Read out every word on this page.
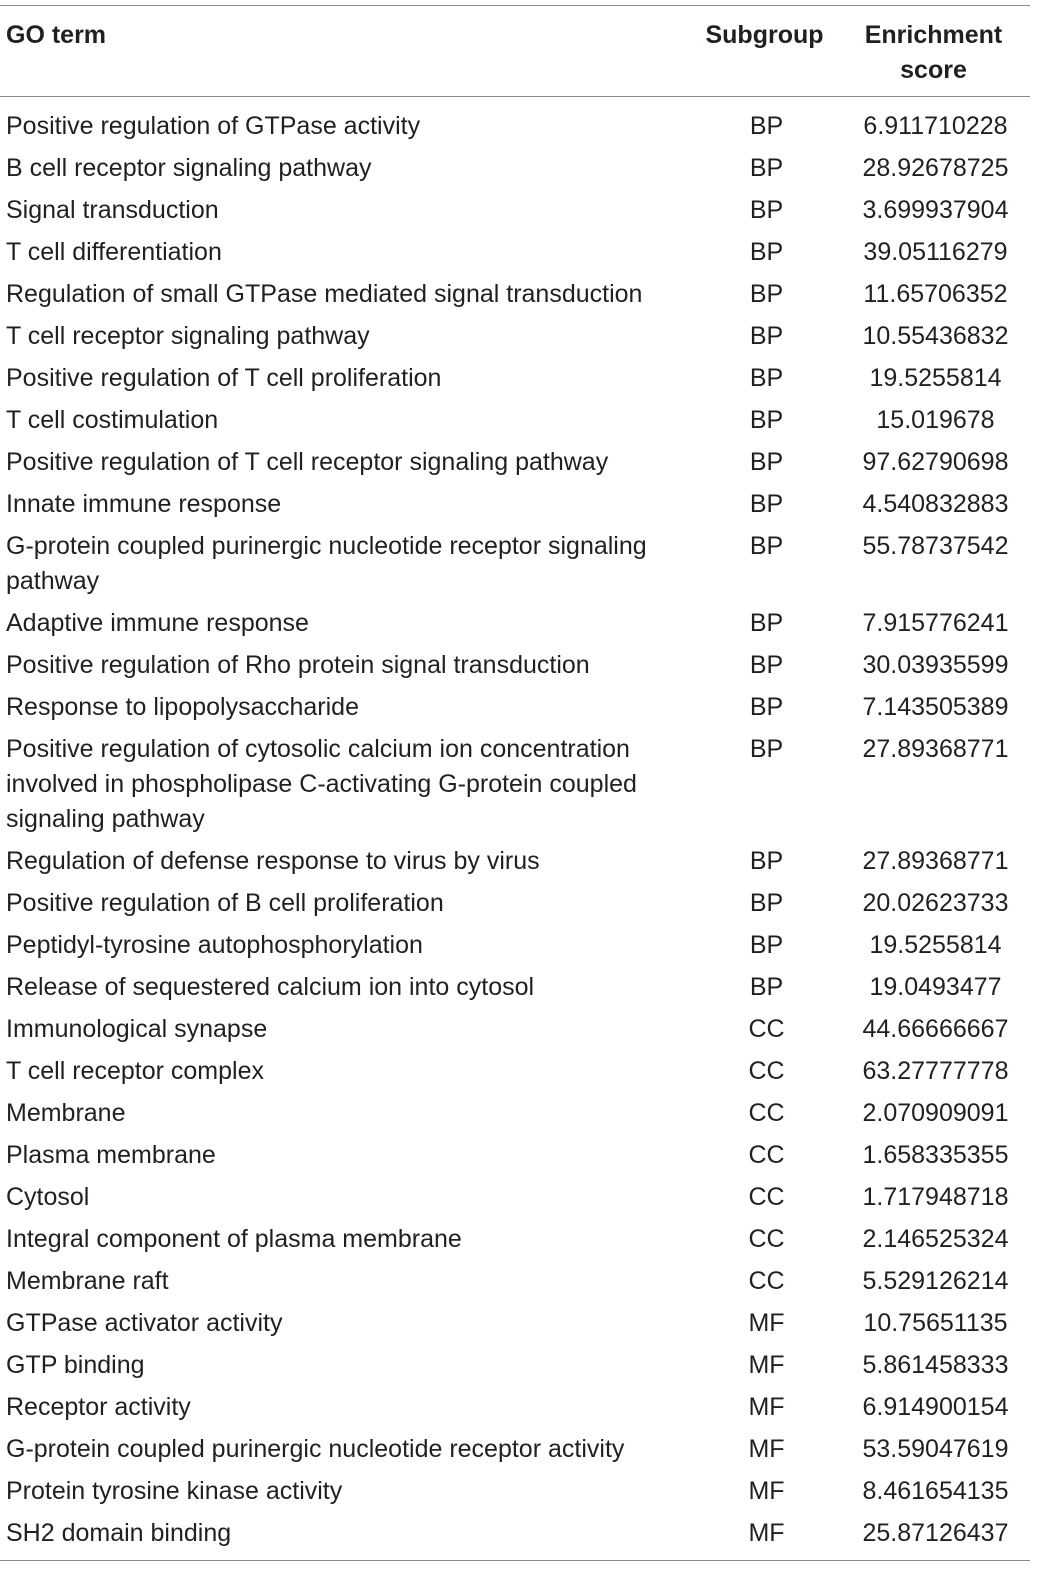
GO term	Subgroup	Enrichment
score
Positive regulation of GTPase activity	BP	6.911710228
B cell receptor signaling pathway	BP	28.92678725
Signal transduction	BP	3.699937904
T cell differentiation	BP	39.05116279
Regulation of small GTPase mediated signal transduction	BP	11.65706352
T cell receptor signaling pathway	BP	10.55436832
Positive regulation of T cell proliferation	BP	19.5255814
T cell costimulation	BP	15.019678
Positive regulation of T cell receptor signaling pathway	BP	97.62790698
Innate immune response	BP	4.540832883
G-protein coupled purinergic nucleotide receptor signaling pathway	BP	55.78737542
Adaptive immune response	BP	7.915776241
Positive regulation of Rho protein signal transduction	BP	30.03935599
Response to lipopolysaccharide	BP	7.143505389
Positive regulation of cytosolic calcium ion concentration involved in phospholipase C-activating G-protein coupled signaling pathway	BP	27.89368771
Regulation of defense response to virus by virus	BP	27.89368771
Positive regulation of B cell proliferation	BP	20.02623733
Peptidyl-tyrosine autophosphorylation	BP	19.5255814
Release of sequestered calcium ion into cytosol	BP	19.0493477
Immunological synapse	CC	44.66666667
T cell receptor complex	CC	63.27777778
Membrane	CC	2.070909091
Plasma membrane	CC	1.658335355
Cytosol	CC	1.717948718
Integral component of plasma membrane	CC	2.146525324
Membrane raft	CC	5.529126214
GTPase activator activity	MF	10.75651135
GTP binding	MF	5.861458333
Receptor activity	MF	6.914900154
G-protein coupled purinergic nucleotide receptor activity	MF	53.59047619
Protein tyrosine kinase activity	MF	8.461654135
SH2 domain binding	MF	25.87126437
